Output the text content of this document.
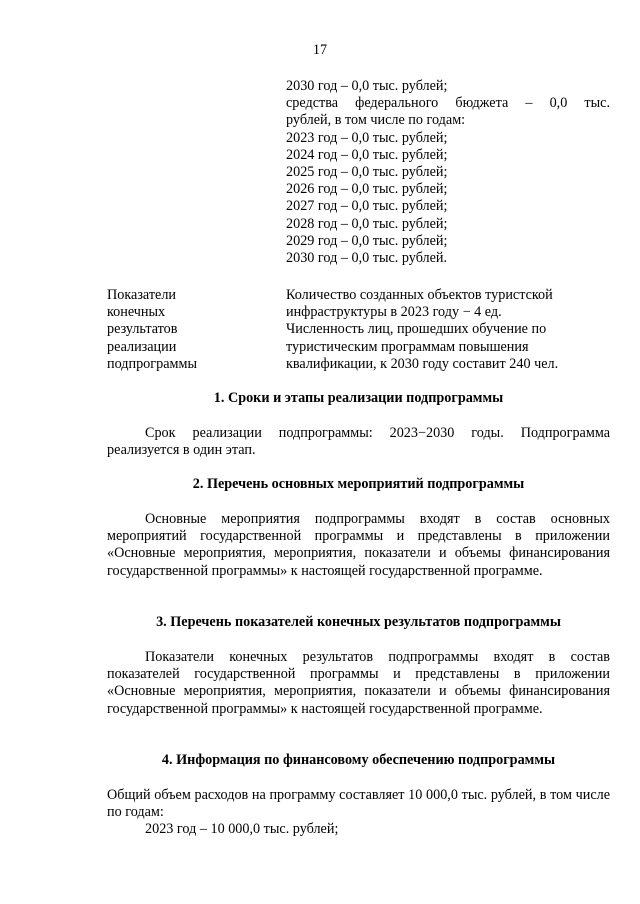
17
2030 год – 0,0 тыс. рублей;
средства федерального бюджета – 0,0 тыс.
рублей, в том числе по годам:
2023 год – 0,0 тыс. рублей;
2024 год – 0,0 тыс. рублей;
2025 год – 0,0 тыс. рублей;
2026 год – 0,0 тыс. рублей;
2027 год – 0,0 тыс. рублей;
2028 год – 0,0 тыс. рублей;
2029 год – 0,0 тыс. рублей;
2030 год – 0,0 тыс. рублей.
Показатели
конечных
результатов
реализации
подпрограммы
Количество созданных объектов туристской
инфраструктуры в 2023 году − 4 ед.
Численность лиц, прошедших обучение по
туристическим программам повышения
квалификации, к 2030 году составит 240 чел.
1. Сроки и этапы реализации подпрограммы
Срок реализации подпрограммы: 2023−2030 годы. Подпрограмма реализуется в один этап.
2. Перечень основных мероприятий подпрограммы
Основные мероприятия подпрограммы входят в состав основных мероприятий государственной программы и представлены в приложении «Основные мероприятия, мероприятия, показатели и объемы финансирования государственной программы» к настоящей государственной программе.
3. Перечень показателей конечных результатов подпрограммы
Показатели конечных результатов подпрограммы входят в состав показателей государственной программы и представлены в приложении «Основные мероприятия, мероприятия, показатели и объемы финансирования государственной программы» к настоящей государственной программе.
4. Информация по финансовому обеспечению подпрограммы
Общий объем расходов на программу составляет 10 000,0 тыс. рублей, в том числе по годам:
2023 год – 10 000,0 тыс. рублей;
